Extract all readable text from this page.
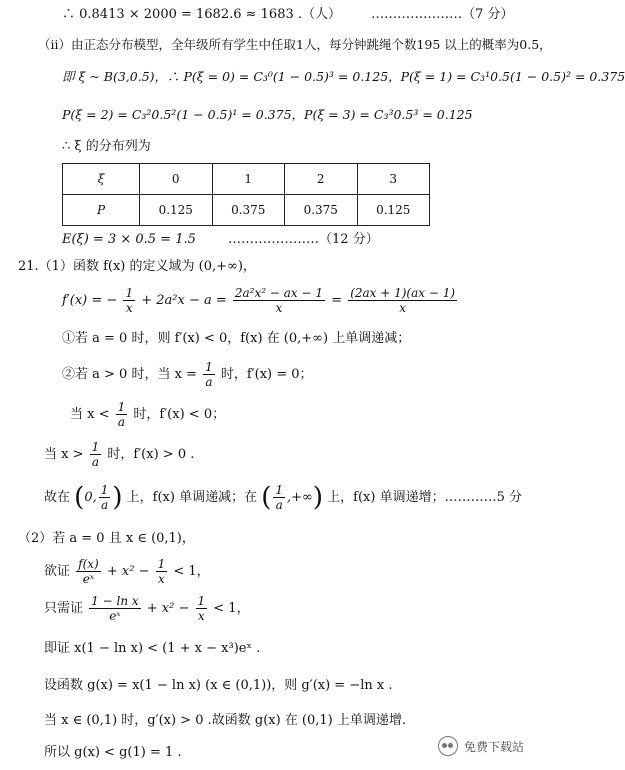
∴ 0.8413 × 2000 = 1682.6 ≈ 1683 .（人） …………………（7 分）
（ii）由正态分布模型，全年级所有学生中任取1人，每分钟跳绳个数195 以上的概率为0.5，
即 ξ ~ B(3,0.5)，∴ P(ξ = 0) = C₃⁰(1 − 0.5)³ = 0.125，P(ξ = 1) = C₃¹0.5(1 − 0.5)² = 0.375
P(ξ = 2) = C₃²0.5²(1 − 0.5)¹ = 0.375，P(ξ = 3) = C₃³0.5³ = 0.125
∴ ξ 的分布列为
ξ	0	1	2	3
P	0.125	0.375	0.375	0.125
E(ξ) = 3 × 0.5 = 1.5 …………………（12 分）
21.（1）函数 f(x) 的定义域为 (0,+∞)，
f′(x) = − $\frac{1}{x} + 2a^2x - a = \frac{\text{2a²x² − ax − 1}}{x} = \frac{(2ax + 1)(ax - 1)}{x}$
①若 a = 0 时，则 f′(x) < 0，f(x) 在 (0,+∞) 上单调递减；
②若 a > 0 时，当 $x = \frac{1}{a}$ 时，f′(x) = 0；
当 $x < \frac{1}{a}$ 时，f′(x) < 0；
当 $x > \frac{1}{a}$ 时，f′(x) > 0 .
故在 (0, $\frac{1}{a}$ ) 上，f(x) 单调递减；在 ( $\frac{1}{a}$ ,+∞) 上，f(x) 单调递增；…………5 分
（2）若 a = 0 且 x ∈ (0,1)，
欲证 $\frac{f(x)}{\text{eˣ}} + x^2 - \frac{1}{x} < 1$，
只需证 $\frac{\text{1 − ln x}}{\text{eˣ}} + x^2 - \frac{1}{x} < 1$，
即证 x(1 − ln x) < (1 + x − x³)eˣ .
设函数 g(x) = x(1 − ln x) (x ∈ (0,1))，则 g′(x) = −ln x .
当 x ∈ (0,1) 时，g′(x) > 0 .故函数 g(x) 在 (0,1) 上单调递增.
所以 g(x) < g(1) = 1 .	免费下载站
